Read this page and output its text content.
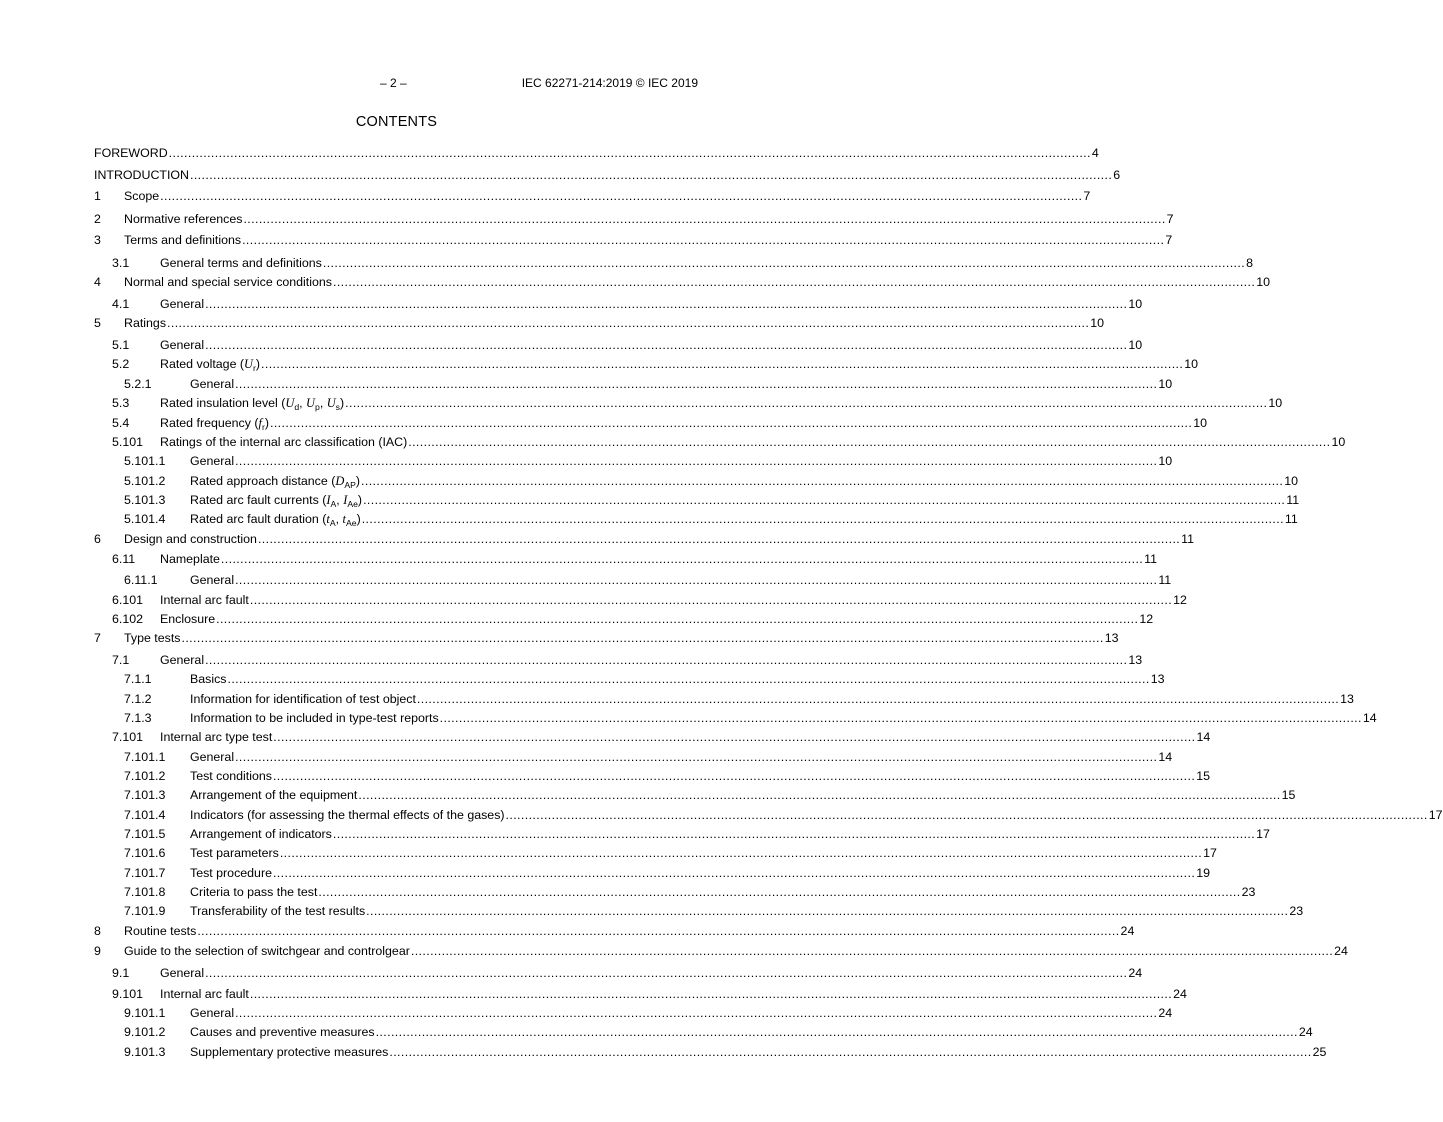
– 2 –	IEC 62271-214:2019 © IEC 2019
CONTENTS
FOREWORD .....	4
INTRODUCTION .....	6
1	Scope .....	7
2	Normative references .....	7
3	Terms and definitions .....	7
3.1	General terms and definitions .....	8
4	Normal and special service conditions .....	10
4.1	General .....	10
5	Ratings .....	10
5.1	General .....	10
5.2	Rated voltage $(U_r)$ .....	10
5.2.1	General .....	10
5.3	Rated insulation level ($U_d$, $U_p$, $U_s$) .....	10
5.4	Rated frequency $(f_r)$ .....	10
5.101	Ratings of the internal arc classification (IAC) .....	10
5.101.1	General .....	10
5.101.2	Rated approach distance $(D_{AP})$ .....	10
5.101.3	Rated arc fault currents ($I_A$, $I_{Ae}$) .....	11
5.101.4	Rated arc fault duration ($t_A$, $t_{Ae}$) .....	11
6	Design and construction .....	11
6.11	Nameplate .....	11
6.11.1	General .....	11
6.101	Internal arc fault .....	12
6.102	Enclosure .....	12
7	Type tests .....	13
7.1	General .....	13
7.1.1	Basics .....	13
7.1.2	Information for identification of test object .....	13
7.1.3	Information to be included in type-test reports .....	14
7.101	Internal arc type test .....	14
7.101.1	General .....	14
7.101.2	Test conditions .....	15
7.101.3	Arrangement of the equipment .....	15
7.101.4	Indicators (for assessing the thermal effects of the gases) .....	17
7.101.5	Arrangement of indicators .....	17
7.101.6	Test parameters .....	17
7.101.7	Test procedure .....	19
7.101.8	Criteria to pass the test .....	23
7.101.9	Transferability of the test results .....	23
8	Routine tests .....	24
9	Guide to the selection of switchgear and controlgear .....	24
9.1	General .....	24
9.101	Internal arc fault .....	24
9.101.1	General .....	24
9.101.2	Causes and preventive measures .....	24
9.101.3	Supplementary protective measures .....	25
